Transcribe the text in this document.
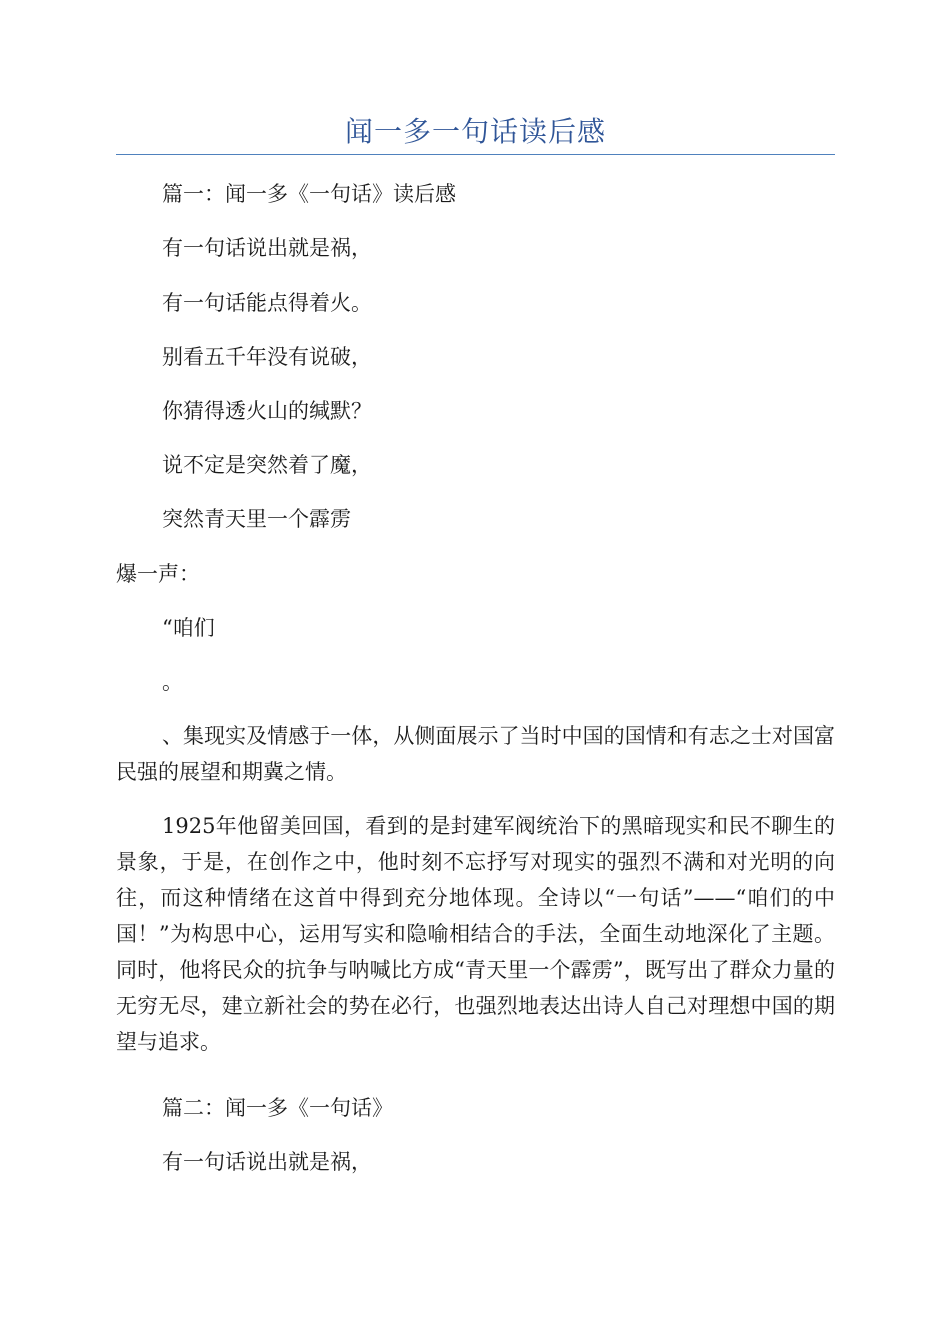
闻一多一句话读后感
篇一：闻一多《一句话》读后感
有一句话说出就是祸，
有一句话能点得着火。
别看五千年没有说破，
你猜得透火山的缄默？
说不定是突然着了魔，
突然青天里一个霹雳
爆一声：
“咱们
。
、集现实及情感于一体，从侧面展示了当时中国的国情和有志之士对国富民强的展望和期冀之情。
1925年他留美回国，看到的是封建军阀统治下的黑暗现实和民不聊生的景象，于是，在创作之中，他时刻不忘抒写对现实的强烈不满和对光明的向往，而这种情绪在这首中得到充分地体现。全诗以“一句话”——“咱们的中国！”为构思中心，运用写实和隐喻相结合的手法，全面生动地深化了主题。同时，他将民众的抗争与呐喊比方成“青天里一个霹雳”，既写出了群众力量的无穷无尽，建立新社会的势在必行，也强烈地表达出诗人自己对理想中国的期望与追求。
篇二：闻一多《一句话》
有一句话说出就是祸，
